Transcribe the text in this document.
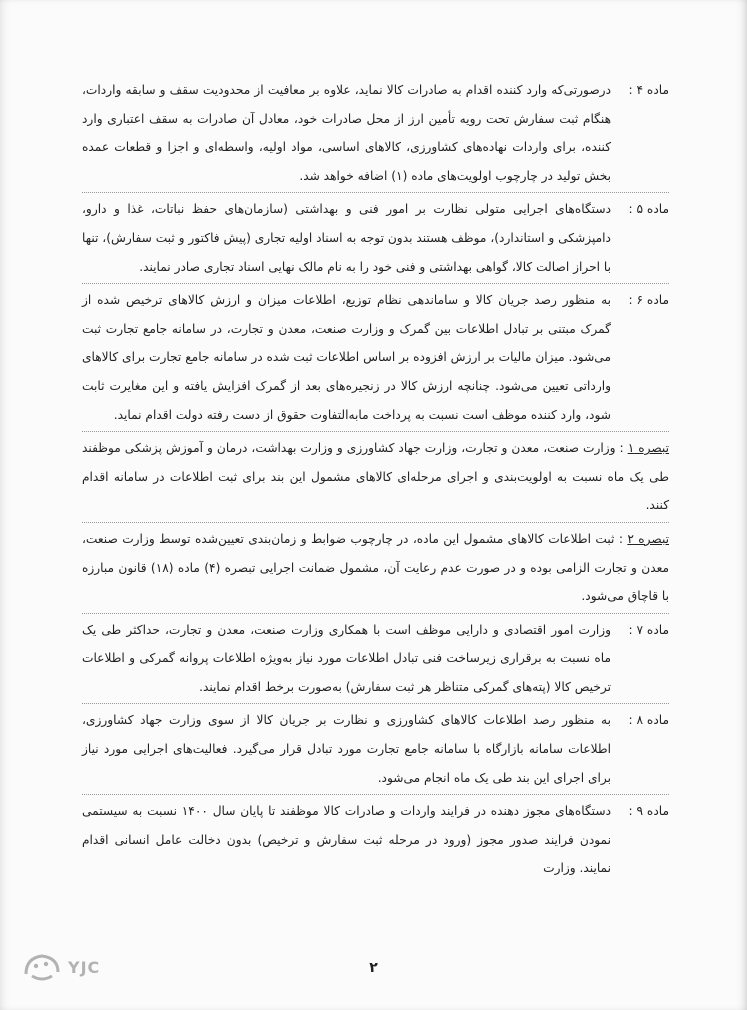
ماده ۴ :
درصورتی‌که وارد کننده اقدام به صادرات کالا نماید، علاوه بر معافیت از محدودیت سقف و سابقه واردات، هنگام ثبت سفارش تحت رویه تأمین ارز از محل صادرات خود، معادل آن صادرات به سقف اعتباری وارد کننده، برای واردات نهاده‌های کشاورزی، کالاهای اساسی، مواد اولیه، واسطه‌ای و اجزا و قطعات عمده بخش تولید در چارچوب اولویت‌های ماده (۱) اضافه خواهد شد.
ماده ۵ :
دستگاه‌های اجرایی متولی نظارت بر امور فنی و بهداشتی (سازمان‌های حفظ نباتات، غذا و دارو، دامپزشکی و استاندارد)، موظف هستند بدون توجه به اسناد اولیه تجاری (پیش فاکتور و ثبت سفارش)، تنها با احراز اصالت کالا، گواهی بهداشتی و فنی خود را به نام مالک نهایی اسناد تجاری صادر نمایند.
ماده ۶ :
به منظور رصد جریان کالا و ساماندهی نظام توزیع، اطلاعات میزان و ارزش کالاهای ترخیص شده از گمرک مبتنی بر تبادل اطلاعات بین گمرک و وزارت صنعت، معدن و تجارت، در سامانه جامع تجارت ثبت می‌شود. میزان مالیات بر ارزش افزوده بر اساس اطلاعات ثبت شده در سامانه جامع تجارت برای کالاهای وارداتی تعیین می‌شود. چنانچه ارزش کالا در زنجیره‌های بعد از گمرک افزایش یافته و این مغایرت ثابت شود، وارد کننده موظف است نسبت به پرداخت مابه‌التفاوت حقوق از دست رفته دولت اقدام نماید.
تبصره ۱ : وزارت صنعت، معدن و تجارت، وزارت جهاد کشاورزی و وزارت بهداشت، درمان و آموزش پزشکی موظفند طی یک ماه نسبت به اولویت‌بندی و اجرای مرحله‌ای کالاهای مشمول این بند برای ثبت اطلاعات در سامانه اقدام کنند.
تبصره ۲ : ثبت اطلاعات کالاهای مشمول این ماده، در چارچوب ضوابط و زمان‌بندی تعیین‌شده توسط وزارت صنعت، معدن و تجارت الزامی بوده و در صورت عدم رعایت آن، مشمول ضمانت اجرایی تبصره (۴) ماده (۱۸) قانون مبارزه با قاچاق می‌شود.
ماده ۷ :
وزارت امور اقتصادی و دارایی موظف است با همکاری وزارت صنعت، معدن و تجارت، حداکثر طی یک ماه نسبت به برقراری زیرساخت فنی تبادل اطلاعات مورد نیاز به‌ویژه اطلاعات پروانه گمرکی و اطلاعات ترخیص کالا (پته‌های گمرکی متناظر هر ثبت سفارش) به‌صورت برخط اقدام نمایند.
ماده ۸ :
به منظور رصد اطلاعات کالاهای کشاورزی و نظارت بر جریان کالا از سوی وزارت جهاد کشاورزی، اطلاعات سامانه بازارگاه با سامانه جامع تجارت مورد تبادل قرار می‌گیرد. فعالیت‌های اجرایی مورد نیاز برای اجرای این بند طی یک ماه انجام می‌شود.
ماده ۹ :
دستگاه‌های مجوز دهنده در فرایند واردات و صادرات کالا موظفند تا پایان سال ۱۴۰۰ نسبت به سیستمی نمودن فرایند صدور مجوز (ورود در مرحله ثبت سفارش و ترخیص) بدون دخالت عامل انسانی اقدام نمایند. وزارت
۲
YJC
